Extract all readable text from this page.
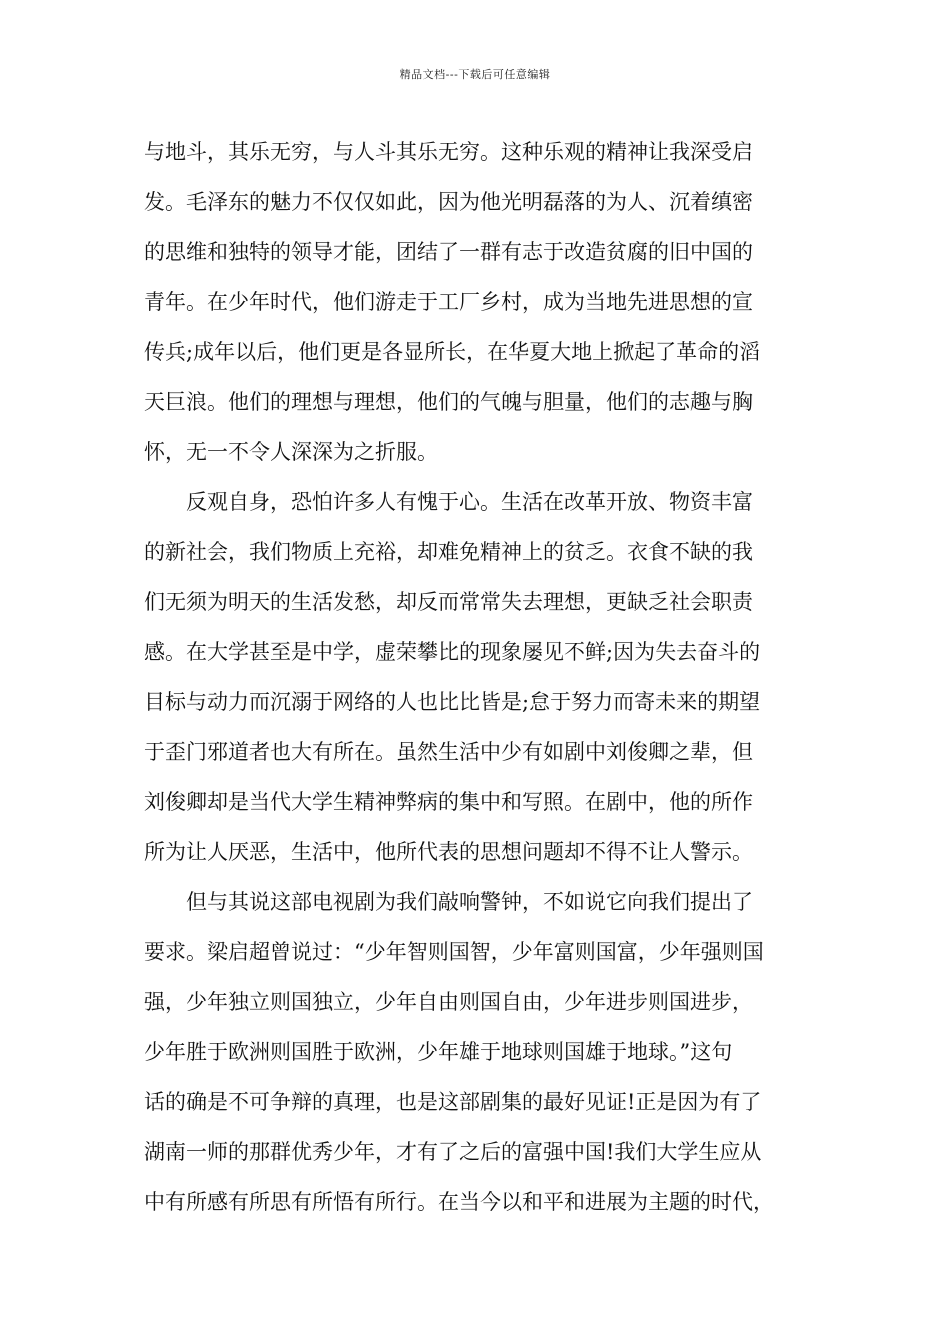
精品文档---下载后可任意编辑
与地斗，其乐无穷，与人斗其乐无穷。这种乐观的精神让我深受启
发。毛泽东的魅力不仅仅如此，因为他光明磊落的为人、沉着缜密
的思维和独特的领导才能，团结了一群有志于改造贫腐的旧中国的
青年。在少年时代，他们游走于工厂乡村，成为当地先进思想的宣
传兵;成年以后，他们更是各显所长，在华夏大地上掀起了革命的滔
天巨浪。他们的理想与理想，他们的气魄与胆量，他们的志趣与胸
怀，无一不令人深深为之折服。
　　反观自身，恐怕许多人有愧于心。生活在改革开放、物资丰富
的新社会，我们物质上充裕，却难免精神上的贫乏。衣食不缺的我
们无须为明天的生活发愁，却反而常常失去理想，更缺乏社会职责
感。在大学甚至是中学，虚荣攀比的现象屡见不鲜;因为失去奋斗的
目标与动力而沉溺于网络的人也比比皆是;怠于努力而寄未来的期望
于歪门邪道者也大有所在。虽然生活中少有如剧中刘俊卿之辈，但
刘俊卿却是当代大学生精神弊病的集中和写照。在剧中，他的所作
所为让人厌恶，生活中，他所代表的思想问题却不得不让人警示。
　　但与其说这部电视剧为我们敲响警钟，不如说它向我们提出了
要求。梁启超曾说过：“少年智则国智，少年富则国富，少年强则国
强，少年独立则国独立，少年自由则国自由，少年进步则国进步，
少年胜于欧洲则国胜于欧洲，少年雄于地球则国雄于地球。”这句
话的确是不可争辩的真理，也是这部剧集的最好见证!正是因为有了
湖南一师的那群优秀少年，才有了之后的富强中国!我们大学生应从
中有所感有所思有所悟有所行。在当今以和平和进展为主题的时代，
